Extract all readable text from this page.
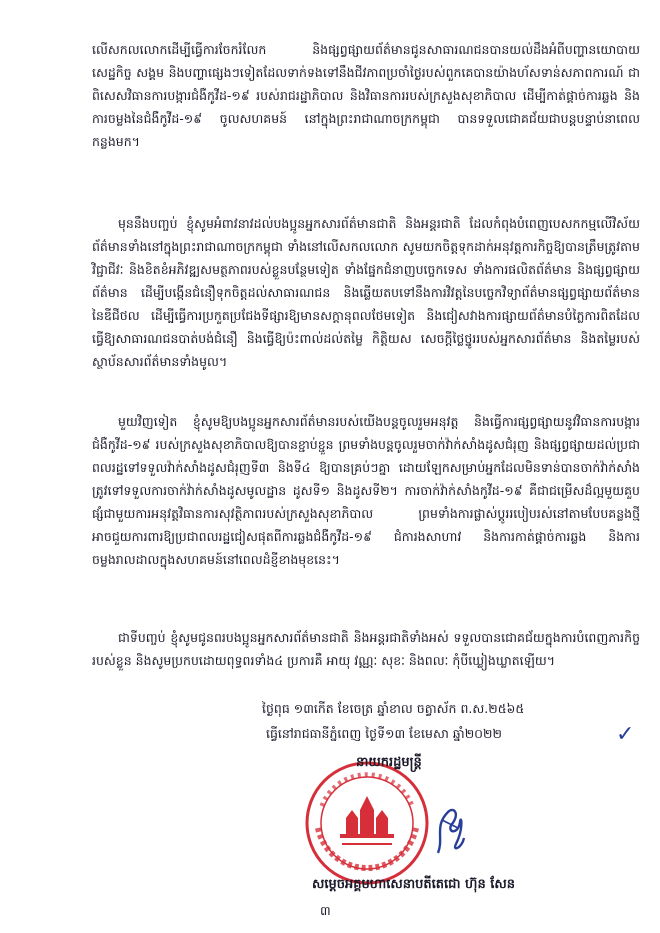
លើសកលលោកដើម្បីធ្វើការចែករំលែក និងផ្សព្វផ្សាយព័ត៌មានជូនសាធារណជនបានយល់ដឹងអំពីបញ្ហានយោបាយ សេដ្ឋកិច្ច សង្គម និងបញ្ហាផ្សេងៗទៀតដែលទាក់ទងទៅនឹងជីវភាពប្រចាំថ្ងៃរបស់ពួកគេបានយ៉ាងហ័សទាន់សភាពការណ៍ ជាពិសេសវិធានការបង្ការជំងឺកូវីដ-១៩ របស់រាជរដ្ឋាភិបាល និងវិធានការរបស់ក្រសួងសុខាភិបាល ដើម្បីកាត់ផ្តាច់ការឆ្លង និងការចម្លងនៃជំងឺកូវីដ-១៩ ចូលសហគមន៍ នៅក្នុងព្រះរាជាណាចក្រកម្ពុជា បានទទួលជោគជ័យជាបន្តបន្ទាប់នាពេលកន្លងមក។
មុននឹងបញ្ចប់ ខ្ញុំសូមអំពាវនាវដល់បងប្អូនអ្នកសារព័ត៌មានជាតិ និងអន្តរជាតិ ដែលកំពុងបំពេញបេសកកម្មលើវិស័យព័ត៌មានទាំងនៅក្នុងព្រះរាជាណាចក្រកម្ពុជា ទាំងនៅលើសកលលោក សូមយកចិត្តទុកដាក់អនុវត្តការកិច្ចឱ្យបានត្រឹមត្រូវតាមវិជ្ជាជីវៈ និងខិតខំអភិវឌ្ឍសមត្ថភាពរបស់ខ្លួនបន្ថែមទៀត ទាំងផ្នែកជំនាញបច្ចេកទេស ទាំងការផលិតព័ត៌មាន និងផ្សព្វផ្សាយព័ត៌មាន ដើម្បីបង្កើនជំនឿទុកចិត្តដល់សាធារណជន និងឆ្លើយតបទៅនឹងការវិវត្តនៃបច្ចេកវិទ្យាព័ត៌មានផ្សព្វផ្សាយព័ត៌មាននៃឌីជីថល ដើម្បីធ្វើការប្រកួតប្រជែងទីផ្សារឱ្យមានសក្តានុពលថែមទៀត និងជៀសវាងការផ្សាយព័ត៌មានបំភ្លៃការពិតដែលធ្វើឱ្យសាធារណជនបាត់បង់ជំនឿ និងធ្វើឱ្យប៉ះពាល់ដល់តម្លៃ កិត្តិយស សេចក្តីថ្លៃថ្នូររបស់អ្នកសារព័ត៌មាន និងតម្លៃរបស់ស្ថាប័នសារព័ត៌មានទាំងមូល។
មួយវិញទៀត ខ្ញុំសូមឱ្យបងប្អូនអ្នកសារព័ត៌មានរបស់យើងបន្តចូលរួមអនុវត្ត និងធ្វើការផ្សព្វផ្សាយនូវវិធានការបង្ការជំងឺកូវីដ-១៩ របស់ក្រសួងសុខាភិបាលឱ្យបានខ្ជាប់ខ្ជួន ព្រមទាំងបន្តចូលរួមចាក់វ៉ាក់សាំងដូសជំរុញ និងផ្សព្វផ្សាយដល់ប្រជាពលរដ្ឋទៅទទួលវ៉ាក់សាំងដូសជំរុញទី៣ និងទី៤ ឱ្យបានគ្រប់ៗគ្នា ដោយឡែកសម្រាប់អ្នកដែលមិនទាន់បានចាក់វ៉ាក់សាំង ត្រូវទៅទទួលការចាក់វ៉ាក់សាំងដូសមូលដ្ឋាន ដូសទី១ និងដូសទី២។ ការចាក់វ៉ាក់សាំងកូវីដ-១៩ គឺជាជម្រើសដ៏ល្អមួយគួបផ្សំជាមួយការអនុវត្តវិធានការសុវត្ថិភាពរបស់ក្រសួងសុខាភិបាល ព្រមទាំងការផ្លាស់ប្តូររបៀបរស់នៅតាមបែបគន្លងថ្មី អាចជួយការពារឱ្យប្រជាពលរដ្ឋជៀសផុតពីការឆ្លងជំងឺកូវីដ-១៩ ជំការងសាហាវ និងការកាត់ផ្តាច់ការឆ្លង និងការចម្លងរាលដាលក្នុងសហគមន៍នៅពេលដំខ្ញីខាងមុខនេះ។
ជាទីបញ្ចប់ ខ្ញុំសូមជូនពរបងប្អូនអ្នកសារព័ត៌មានជាតិ និងអន្តរជាតិទាំងអស់ ទទួលបានជោគជ័យក្នុងការបំពេញភារកិច្ចរបស់ខ្លួន និងសូមប្រកបដោយពុទ្ធពរទាំង៤ ប្រការគឺ អាយុ វណ្ណៈ សុខៈ និងពលៈ កុំបីឃ្លៀងឃ្លាតឡើយ។
ថ្ងៃពុធ ១៣កើត ខែចេត្រ ឆ្នាំខាល ចត្វាស័ក ព.ស.២៥៦៥
ធ្វើនៅរាជធានីភ្នំពេញ ថ្ងៃទី១៣ ខែមេសា ឆ្នាំ២០២២	✓
នាយករដ្ឋមន្ត្រី
សម្តេចអគ្គមហាសេនាបតីតេជោ ហ៊ុន សែន
៣
